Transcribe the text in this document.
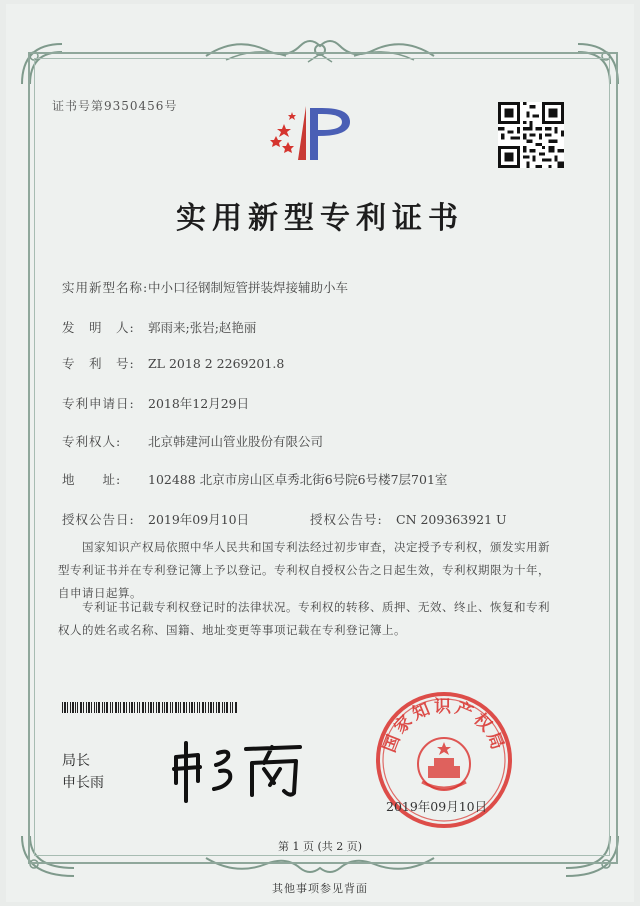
证书号第9350456号
实用新型专利证书
实用新型名称:中小口径钢制短管拼装焊接辅助小车
发　明　人: 郭雨来;张岩;赵艳丽
专　利　号: ZL 2018 2 2269201.8
专利申请日: 2018年12月29日
专利权人: 北京韩建河山管业股份有限公司
地　　址: 102488 北京市房山区卓秀北街6号院6号楼7层701室
授权公告日: 2019年09月10日	授权公告号: CN 209363921 U
国家知识产权局依照中华人民共和国专利法经过初步审查，决定授予专利权，颁发实用新型专利证书并在专利登记簿上予以登记。专利权自授权公告之日起生效，专利权期限为十年，自申请日起算。
专利证书记载专利权登记时的法律状况。专利权的转移、质押、无效、终止、恢复和专利权人的姓名或名称、国籍、地址变更等事项记载在专利登记簿上。
局长
申长雨
国家知识产权局
2019年09月10日
第 1 页 (共 2 页)
其他事项参见背面
